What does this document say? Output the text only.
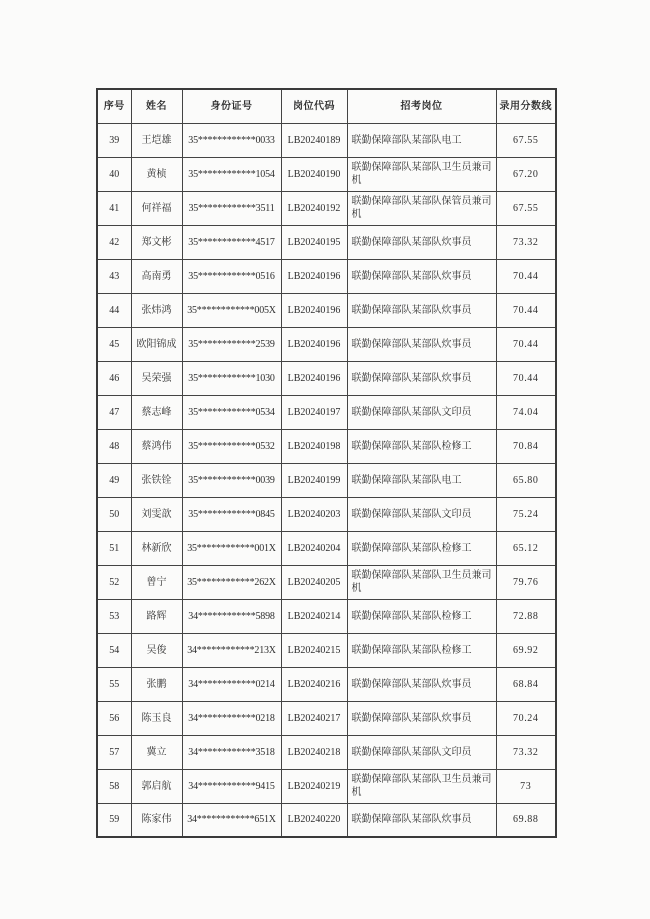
序号	姓名	身份证号	岗位代码	招考岗位	录用分数线
39	王垲雄	35************0033	LB20240189	联勤保障部队某部队电工	67.55
40	黄桢	35************1054	LB20240190	联勤保障部队某部队卫生员兼司机	67.20
41	何祥福	35************3511	LB20240192	联勤保障部队某部队保管员兼司机	67.55
42	郑文彬	35************4517	LB20240195	联勤保障部队某部队炊事员	73.32
43	高南勇	35************0516	LB20240196	联勤保障部队某部队炊事员	70.44
44	张炜鸿	35************005X	LB20240196	联勤保障部队某部队炊事员	70.44
45	欧阳锦成	35************2539	LB20240196	联勤保障部队某部队炊事员	70.44
46	吴荣强	35************1030	LB20240196	联勤保障部队某部队炊事员	70.44
47	蔡志峰	35************0534	LB20240197	联勤保障部队某部队文印员	74.04
48	蔡鸿伟	35************0532	LB20240198	联勤保障部队某部队检修工	70.84
49	张铁铨	35************0039	LB20240199	联勤保障部队某部队电工	65.80
50	刘雯歆	35************0845	LB20240203	联勤保障部队某部队文印员	75.24
51	林新欣	35************001X	LB20240204	联勤保障部队某部队检修工	65.12
52	曾宁	35************262X	LB20240205	联勤保障部队某部队卫生员兼司机	79.76
53	路辉	34************5898	LB20240214	联勤保障部队某部队检修工	72.88
54	吴俊	34************213X	LB20240215	联勤保障部队某部队检修工	69.92
55	张鹏	34************0214	LB20240216	联勤保障部队某部队炊事员	68.84
56	陈玉良	34************0218	LB20240217	联勤保障部队某部队炊事员	70.24
57	冀立	34************3518	LB20240218	联勤保障部队某部队文印员	73.32
58	郭启航	34************9415	LB20240219	联勤保障部队某部队卫生员兼司机	73
59	陈家伟	34************651X	LB20240220	联勤保障部队某部队炊事员	69.88
